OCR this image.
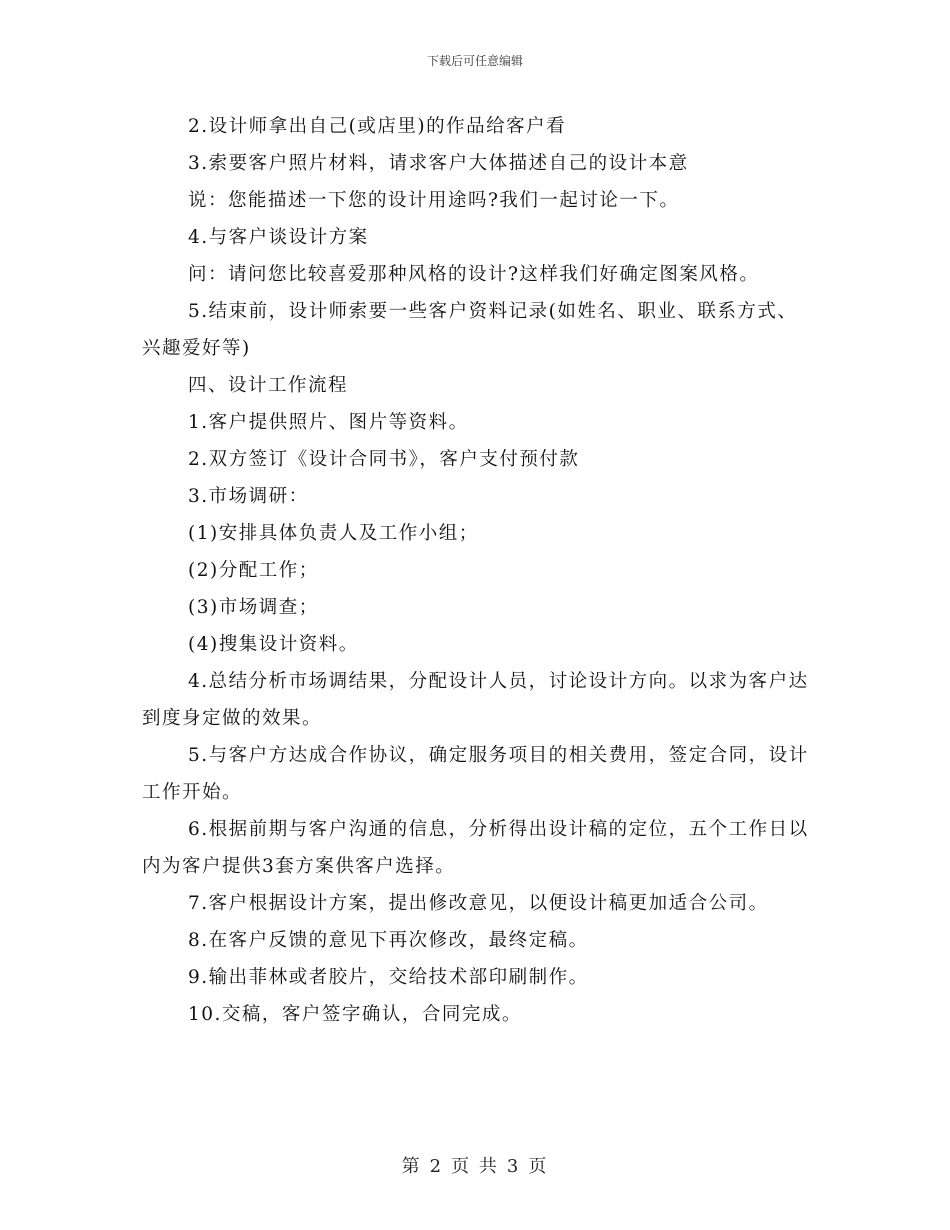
下载后可任意编辑

2.设计师拿出自己(或店里)的作品给客户看

3.索要客户照片材料，请求客户大体描述自己的设计本意

说：您能描述一下您的设计用途吗?我们一起讨论一下。

4.与客户谈设计方案

问：请问您比较喜爱那种风格的设计?这样我们好确定图案风格。

5.结束前，设计师索要一些客户资料记录(如姓名、职业、联系方式、兴趣爱好等)

四、设计工作流程

1.客户提供照片、图片等资料。

2.双方签订《设计合同书》，客户支付预付款

3.市场调研：

(1)安排具体负责人及工作小组；

(2)分配工作；

(3)市场调查；

(4)搜集设计资料。

4.总结分析市场调结果，分配设计人员，讨论设计方向。以求为客户达到度身定做的效果。

5.与客户方达成合作协议，确定服务项目的相关费用，签定合同，设计工作开始。

6.根据前期与客户沟通的信息，分析得出设计稿的定位，五个工作日以内为客户提供3套方案供客户选择。

7.客户根据设计方案，提出修改意见，以便设计稿更加适合公司。

8.在客户反馈的意见下再次修改，最终定稿。

9.输出菲林或者胶片，交给技术部印刷制作。

10.交稿，客户签字确认，合同完成。

第 2 页 共 3 页
